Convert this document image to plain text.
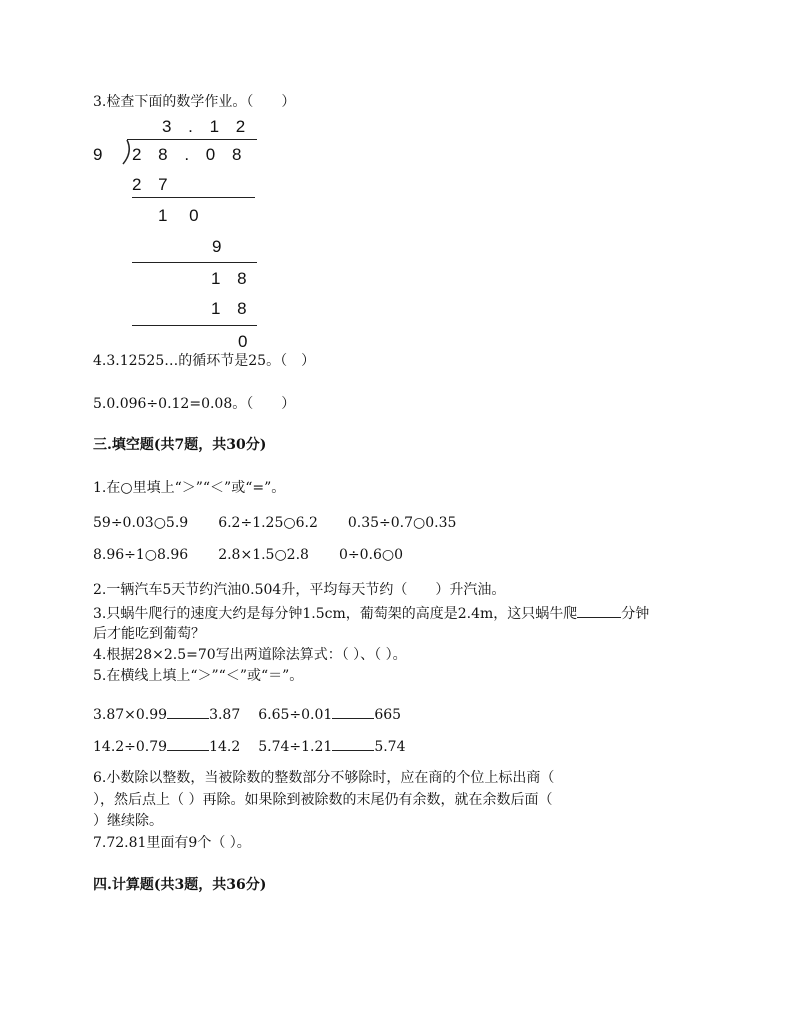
3.检查下面的数学作业。（　　）
3 . 1 2
9 2 8 . 0 8
2 7
1　 0
9
1 8
1 8
0
4.3.12525…的循环节是25。（　）
5.0.096÷0.12=0.08。（　　）
三.填空题(共7题，共30分)
1.在○里填上“＞”“＜”或“=”。
59÷0.03○5.9 6.2÷1.25○6.2 0.35÷0.7○0.35
8.96÷1○8.96 2.8×1.5○2.8 0÷0.6○0
2.一辆汽车5天节约汽油0.504升，平均每天节约（　　）升汽油。
3.只蜗牛爬行的速度大约是每分钟1.5cm，葡萄架的高度是2.4m，这只蜗牛爬	分钟
后才能吃到葡萄？
4.根据28×2.5=70写出两道除法算式：（ ）、（ ）。
5.在横线上填上“＞”“＜”或“＝”。
3.87×0.99	3.87 6.65÷0.01	665
14.2÷0.79	14.2 5.74÷1.21	5.74
6.小数除以整数，当被除数的整数部分不够除时，应在商的个位上标出商（
），然后点上（ ）再除。如果除到被除数的末尾仍有余数，就在余数后面（
）继续除。
7.72.81里面有9个（ ）。
四.计算题(共3题，共36分)
